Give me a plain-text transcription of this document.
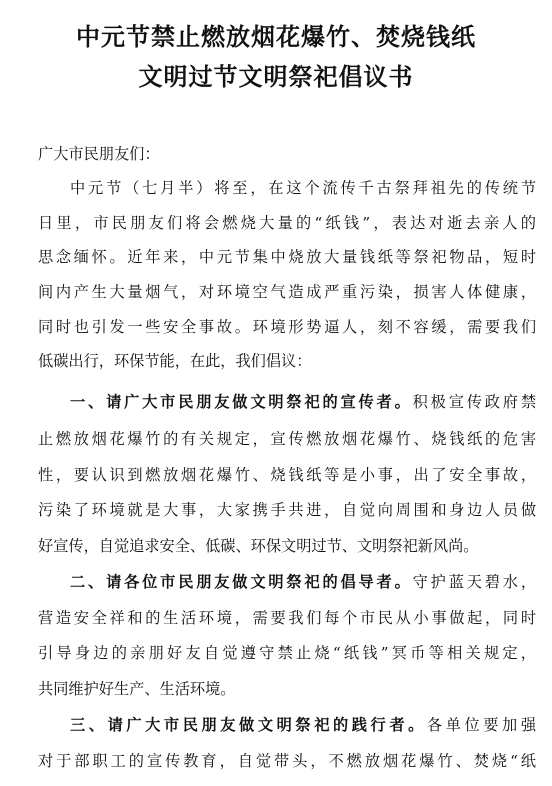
中元节禁止燃放烟花爆竹、焚烧钱纸
文明过节文明祭祀倡议书
广大市民朋友们：
中元节（七月半）将至，在这个流传千古祭拜祖先的传统节
日里，市民朋友们将会燃烧大量的“纸钱”，表达对逝去亲人的
思念缅怀。近年来，中元节集中烧放大量钱纸等祭祀物品，短时
间内产生大量烟气，对环境空气造成严重污染，损害人体健康，
同时也引发一些安全事故。环境形势逼人，刻不容缓，需要我们
低碳出行，环保节能，在此，我们倡议：
一、请广大市民朋友做文明祭祀的宣传者。积极宣传政府禁
止燃放烟花爆竹的有关规定，宣传燃放烟花爆竹、烧钱纸的危害
性，要认识到燃放烟花爆竹、烧钱纸等是小事，出了安全事故，
污染了环境就是大事，大家携手共进，自觉向周围和身边人员做
好宣传，自觉追求安全、低碳、环保文明过节、文明祭祀新风尚。
二、请各位市民朋友做文明祭祀的倡导者。守护蓝天碧水，
营造安全祥和的生活环境，需要我们每个市民从小事做起，同时
引导身边的亲朋好友自觉遵守禁止烧“纸钱”冥币等相关规定，
共同维护好生产、生活环境。
三、请广大市民朋友做文明祭祀的践行者。各单位要加强
对于部职工的宣传教育，自觉带头，不燃放烟花爆竹、焚烧“纸
